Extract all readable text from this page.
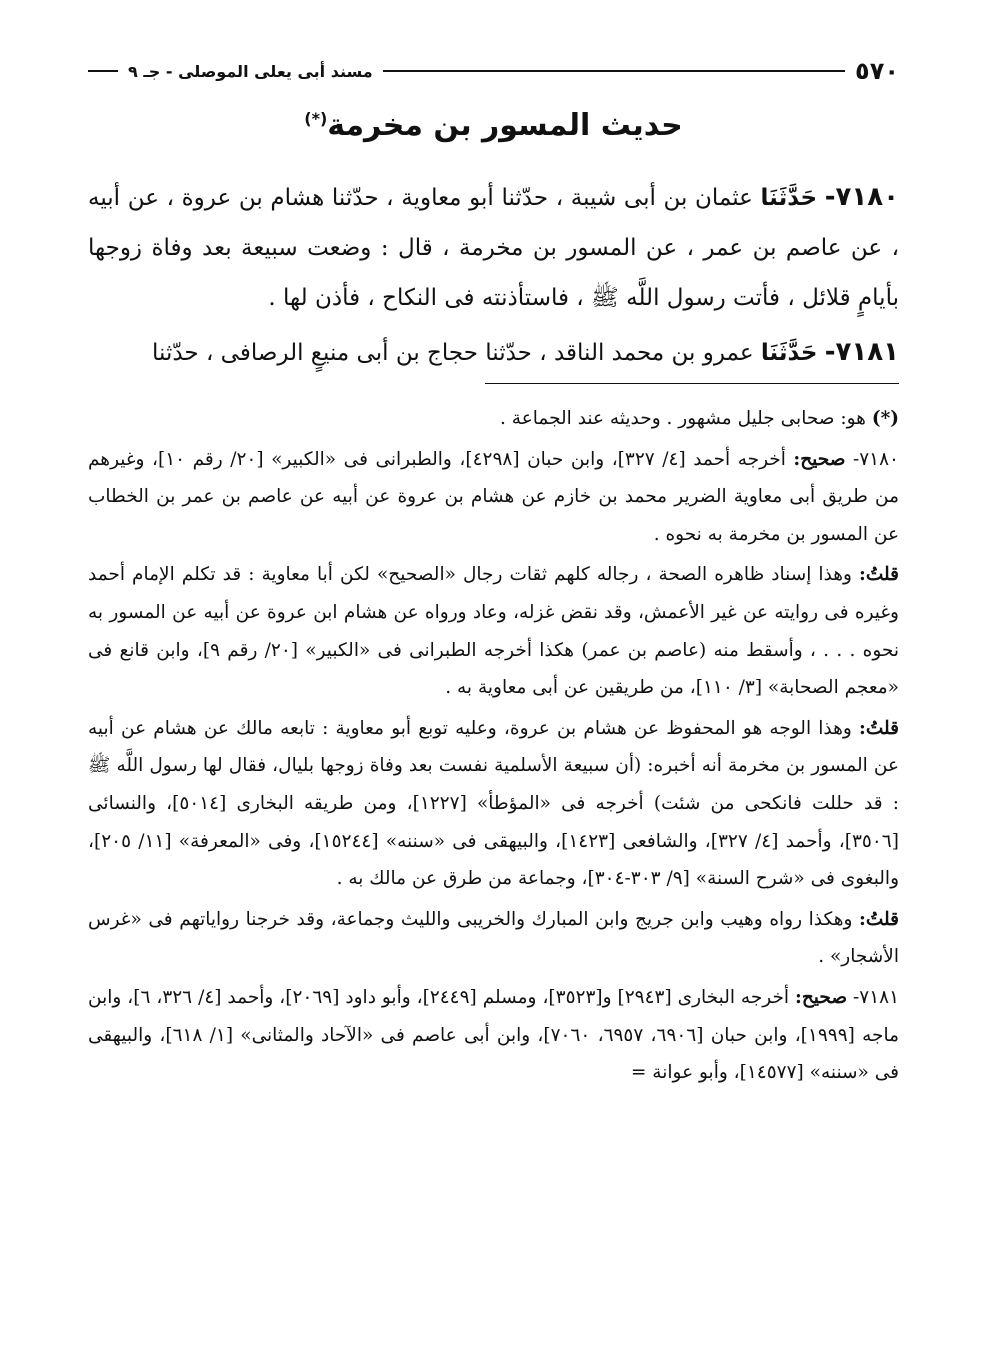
٥٧٠
مسند أبى يعلى الموصلى - جـ ٩
حديث المسور بن مخرمة(*)

٧١٨٠- حَدَّثَنَا عثمان بن أبى شيبة ، حدّثنا أبو معاوية ، حدّثنا هشام بن عروة ، عن أبيه ، عن عاصم بن عمر ، عن المسور بن مخرمة ، قال : وضعت سبيعة بعد وفاة زوجها بأيامٍ قلائل ، فأتت رسول اللَّه ﷺ ، فاستأذنته فى النكاح ، فأذن لها .

٧١٨١- حَدَّثَنَا عمرو بن محمد الناقد ، حدّثنا حجاج بن أبى منيعٍ الرصافى ، حدّثنا

(*) هو: صحابى جليل مشهور . وحديثه عند الجماعة .

٧١٨٠- صحيح: أخرجه أحمد [٤/ ٣٢٧]، وابن حبان [٤٢٩٨]، والطبرانى فى «الكبير» [٢٠/ رقم ١٠]، وغيرهم من طريق أبى معاوية الضرير محمد بن خازم عن هشام بن عروة عن أبيه عن عاصم بن عمر بن الخطاب عن المسور بن مخرمة به نحوه .

قلتُ: وهذا إسناد ظاهره الصحة ، رجاله كلهم ثقات رجال «الصحيح» لكن أبا معاوية : قد تكلم الإمام أحمد وغيره فى روايته عن غير الأعمش، وقد نقض غزله، وعاد ورواه عن هشام ابن عروة عن أبيه عن المسور به نحوه . . . ، وأسقط منه (عاصم بن عمر) هكذا أخرجه الطبرانى فى «الكبير» [٢٠/ رقم ٩]، وابن قانع فى «معجم الصحابة» [٣/ ١١٠]، من طريقين عن أبى معاوية به .

قلتُ: وهذا الوجه هو المحفوظ عن هشام بن عروة، وعليه توبع أبو معاوية : تابعه مالك عن هشام عن أبيه عن المسور بن مخرمة أنه أخبره: (أن سبيعة الأسلمية نفست بعد وفاة زوجها بليال، فقال لها رسول اللَّه ﷺ : قد حللت فانكحى من شئت) أخرجه فى «المؤطأ» [١٢٢٧]، ومن طريقه البخارى [٥٠١٤]، والنسائى [٣٥٠٦]، وأحمد [٤/ ٣٢٧]، والشافعى [١٤٢٣]، والبيهقى فى «سننه» [١٥٢٤٤]، وفى «المعرفة» [١١/ ٢٠٥]، والبغوى فى «شرح السنة» [٩/ ٣٠٣-٣٠٤]، وجماعة من طرق عن مالك به .

قلتُ: وهكذا رواه وهيب وابن جريج وابن المبارك والخريبى والليث وجماعة، وقد خرجنا رواياتهم فى «غرس الأشجار» .

٧١٨١- صحيح: أخرجه البخارى [٢٩٤٣] و[٣٥٢٣]، ومسلم [٢٤٤٩]، وأبو داود [٢٠٦٩]، وأحمد [٤/ ٣٢٦، ٦]، وابن ماجه [١٩٩٩]، وابن حبان [٦٩٠٦، ٦٩٥٧، ٧٠٦٠]، وابن أبى عاصم فى «الآحاد والمثانى» [١/ ٦١٨]، والبيهقى فى «سننه» [١٤٥٧٧]، وأبو عوانة =
